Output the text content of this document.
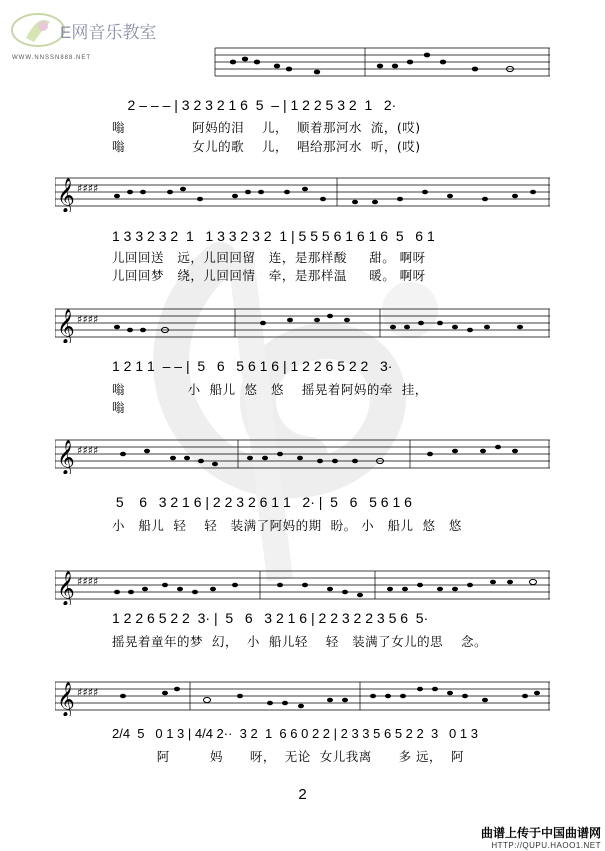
E网音乐教室
WWW.NNSSN888.NET
𝄞 ♯♯♯♯
𝄞 ♯♯♯♯
𝄞 ♯♯♯♯
𝄞 ♯♯♯♯
𝄞 ♯♯♯♯
2 – – – | 3 2 3 2 1 6  5  – | 1 2 2 5 3 2  1   2·
嗡               阿妈的泪    儿，  顺着那河水  流，(哎)
嗡               女儿的歌    儿，  唱给那河水  听，(哎)
1 3 3 2 3 2  1   1 3 3 2 3 2  1 | 5 5 5 6 1 6 1 6  5   6 1
儿回回送   远，儿回回留   连，是那样酸     甜。 啊呀
儿回回梦   绕，儿回回情   牵，是那样温     暖。 啊呀
1 2 1 1  – – |  5   6   5 6 1 6 | 1 2 2 6 5 2 2   3·
嗡              小  船儿  悠   悠    摇晃着阿妈的牵  挂，
嗡
5    6   3 2 1 6 | 2 2 3 2 6 1 1   2· |  5   6   5 6 1 6
小   船儿  轻    轻   装满了阿妈的期  盼。 小   船儿  悠   悠
1 2 2 6 5 2 2  3· |  5   6   3 2 1 6 | 2 2 3 2 2 3 5 6  5·
摇晃着童年的梦  幻，  小  船儿轻    轻   装满了女儿的思    念。
2/4  5   0 1 3 | 4/4 2··  3 2  1  6 6 0 2 2 | 2 3 3 5 6 5 2 2  3   0 1 3
阿         妈      呀，  无论  女儿我离      多 远，  阿
2
曲谱上传于中国曲谱网
HTTP://QUPU.HAOO1.NET
